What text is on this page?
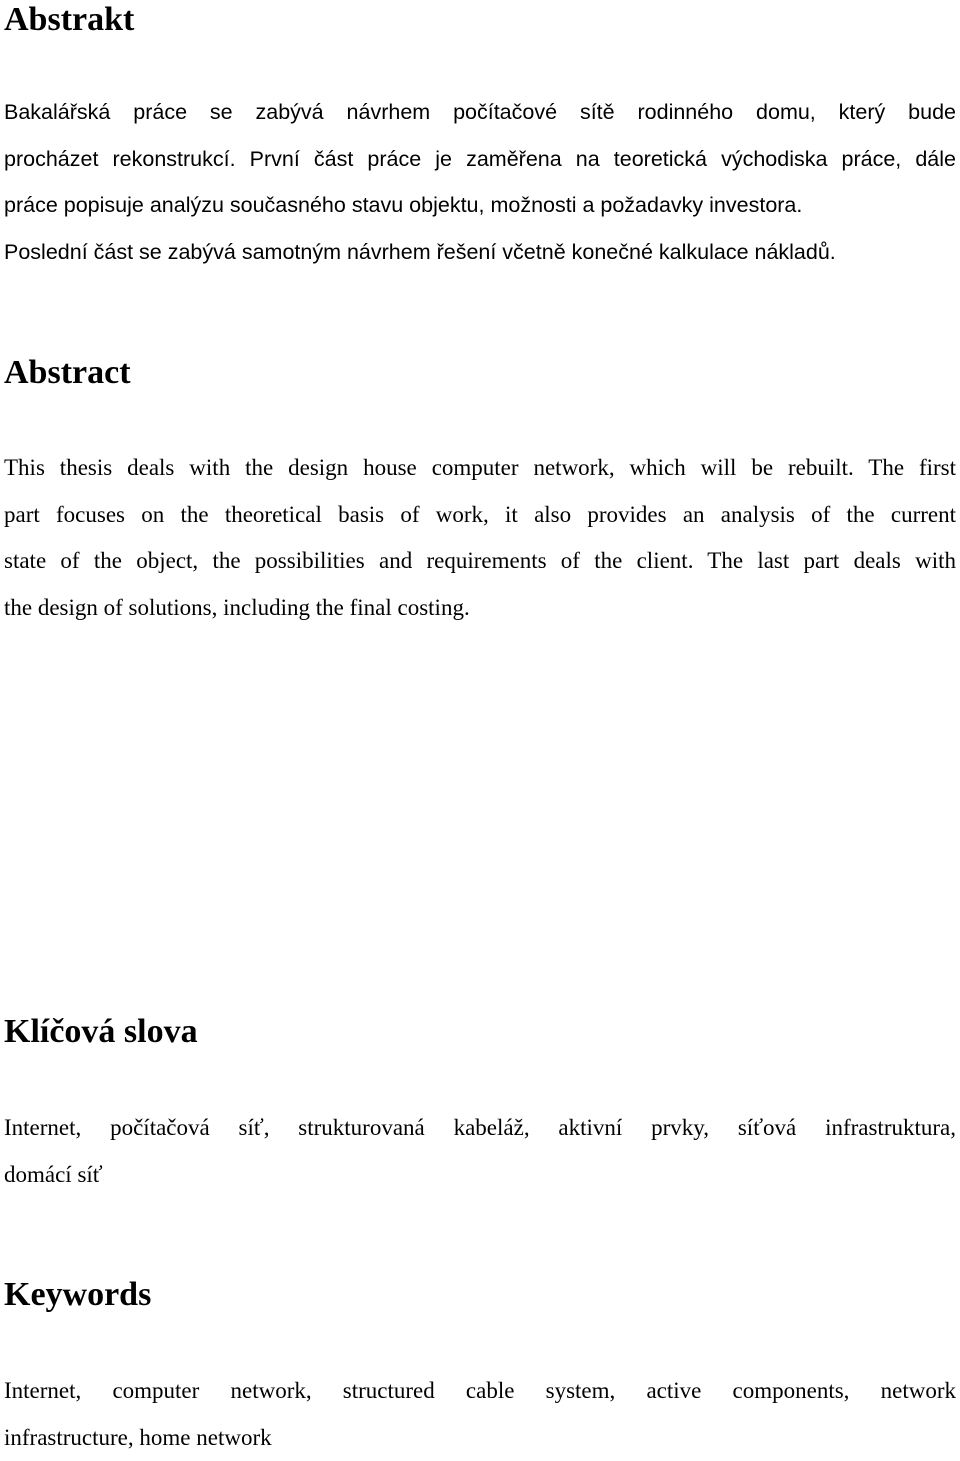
Abstrakt
Bakalářská práce se zabývá návrhem počítačové sítě rodinného domu, který bude
procházet rekonstrukcí. První část práce je zaměřena na teoretická východiska práce, dále
práce popisuje analýzu současného stavu objektu, možnosti a požadavky investora.
Poslední část se zabývá samotným návrhem řešení včetně konečné kalkulace nákladů.
Abstract
This thesis deals with the design house computer network, which will be rebuilt. The first
part focuses on the theoretical basis of work, it also provides an analysis of the current
state of the object, the possibilities and requirements of the client. The last part deals with
the design of solutions, including the final costing.
Klíčová slova
Internet, počítačová síť, strukturovaná kabeláž, aktivní prvky, síťová infrastruktura,
domácí síť
Keywords
Internet, computer network, structured cable system, active components, network
infrastructure, home network
